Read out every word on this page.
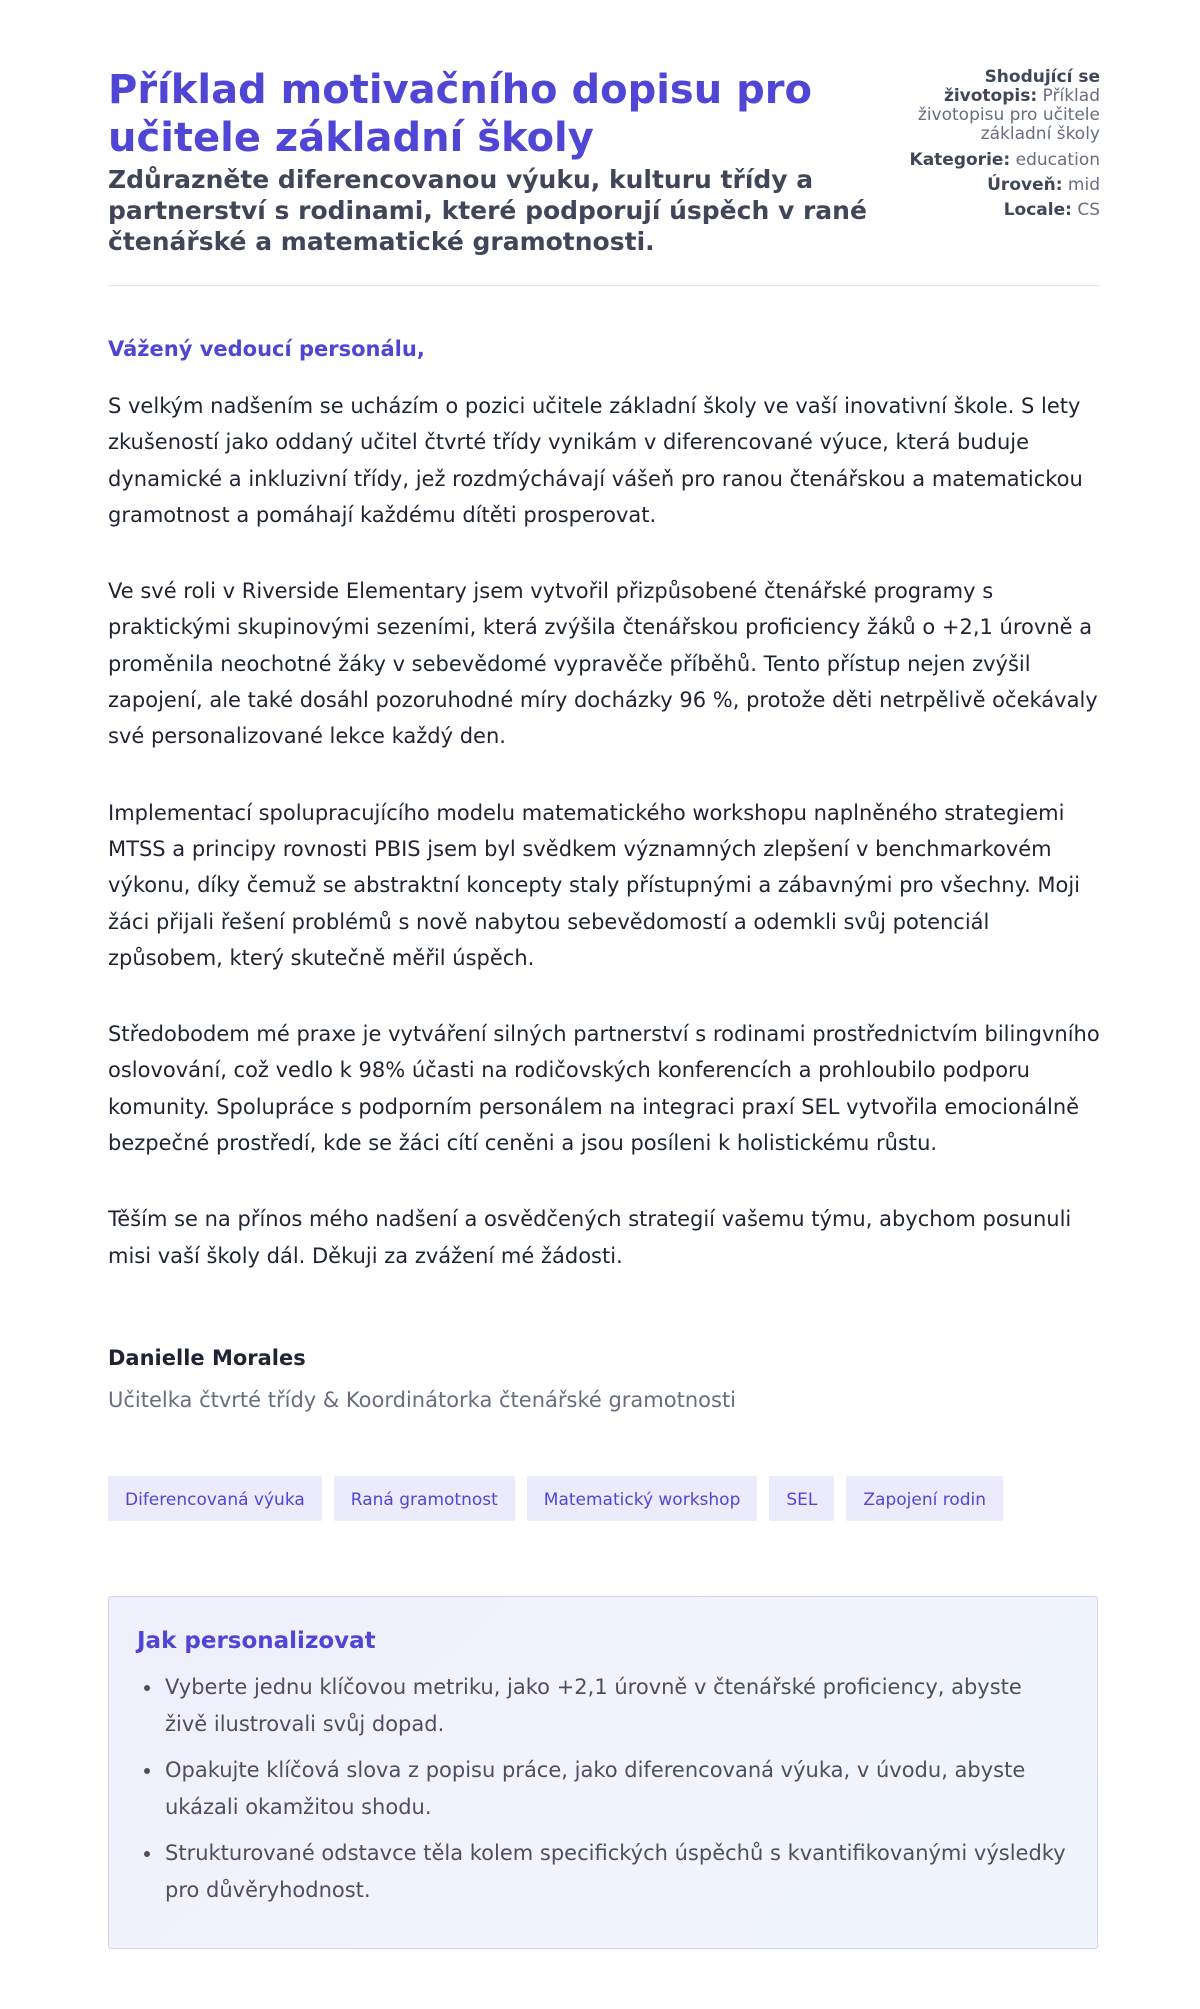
Příklad motivačního dopisu pro učitele základní školy
Zdůrazněte diferencovanou výuku, kulturu třídy a partnerství s rodinami, které podporují úspěch v rané čtenářské a matematické gramotnosti.
Shodující se životopis: Příklad životopisu pro učitele základní školy
Kategorie: education
Úroveň: mid
Locale: CS

Vážený vedoucí personálu,

S velkým nadšením se ucházím o pozici učitele základní školy ve vaší inovativní škole. S lety zkušeností jako oddaný učitel čtvrté třídy vynikám v diferencované výuce, která buduje dynamické a inkluzivní třídy, jež rozdmýchávají vášeň pro ranou čtenářskou a matematickou gramotnost a pomáhají každému dítěti prosperovat.

Ve své roli v Riverside Elementary jsem vytvořil přizpůsobené čtenářské programy s praktickými skupinovými sezeními, která zvýšila čtenářskou proficiency žáků o +2,1 úrovně a proměnila neochotné žáky v sebevědomé vypravěče příběhů. Tento přístup nejen zvýšil zapojení, ale také dosáhl pozoruhodné míry docházky 96 %, protože děti netrpělivě očekávaly své personalizované lekce každý den.

Implementací spolupracujícího modelu matematického workshopu naplněného strategiemi MTSS a principy rovnosti PBIS jsem byl svědkem významných zlepšení v benchmarkovém výkonu, díky čemuž se abstraktní koncepty staly přístupnými a zábavnými pro všechny. Moji žáci přijali řešení problémů s nově nabytou sebevědomostí a odemkli svůj potenciál způsobem, který skutečně měřil úspěch.

Středobodem mé praxe je vytváření silných partnerství s rodinami prostřednictvím bilingvního oslovování, což vedlo k 98% účasti na rodičovských konferencích a prohloubilo podporu komunity. Spolupráce s podporním personálem na integraci praxí SEL vytvořila emocionálně bezpečné prostředí, kde se žáci cítí ceněni a jsou posíleni k holistickému růstu.

Těším se na přínos mého nadšení a osvědčených strategií vašemu týmu, abychom posunuli misi vaší školy dál. Děkuji za zvážení mé žádosti.

Danielle Morales

Učitelka čtvrté třídy & Koordinátorka čtenářské gramotnosti

Diferencovaná výuka	Raná gramotnost	Matematický workshop	SEL	Zapojení rodin
Jak personalizovat
• Vyberte jednu klíčovou metriku, jako +2,1 úrovně v čtenářské proficiency, abyste živě ilustrovali svůj dopad.
• Opakujte klíčová slova z popisu práce, jako diferencovaná výuka, v úvodu, abyste ukázali okamžitou shodu.
• Strukturované odstavce těla kolem specifických úspěchů s kvantifikovanými výsledky pro důvěryhodnost.
